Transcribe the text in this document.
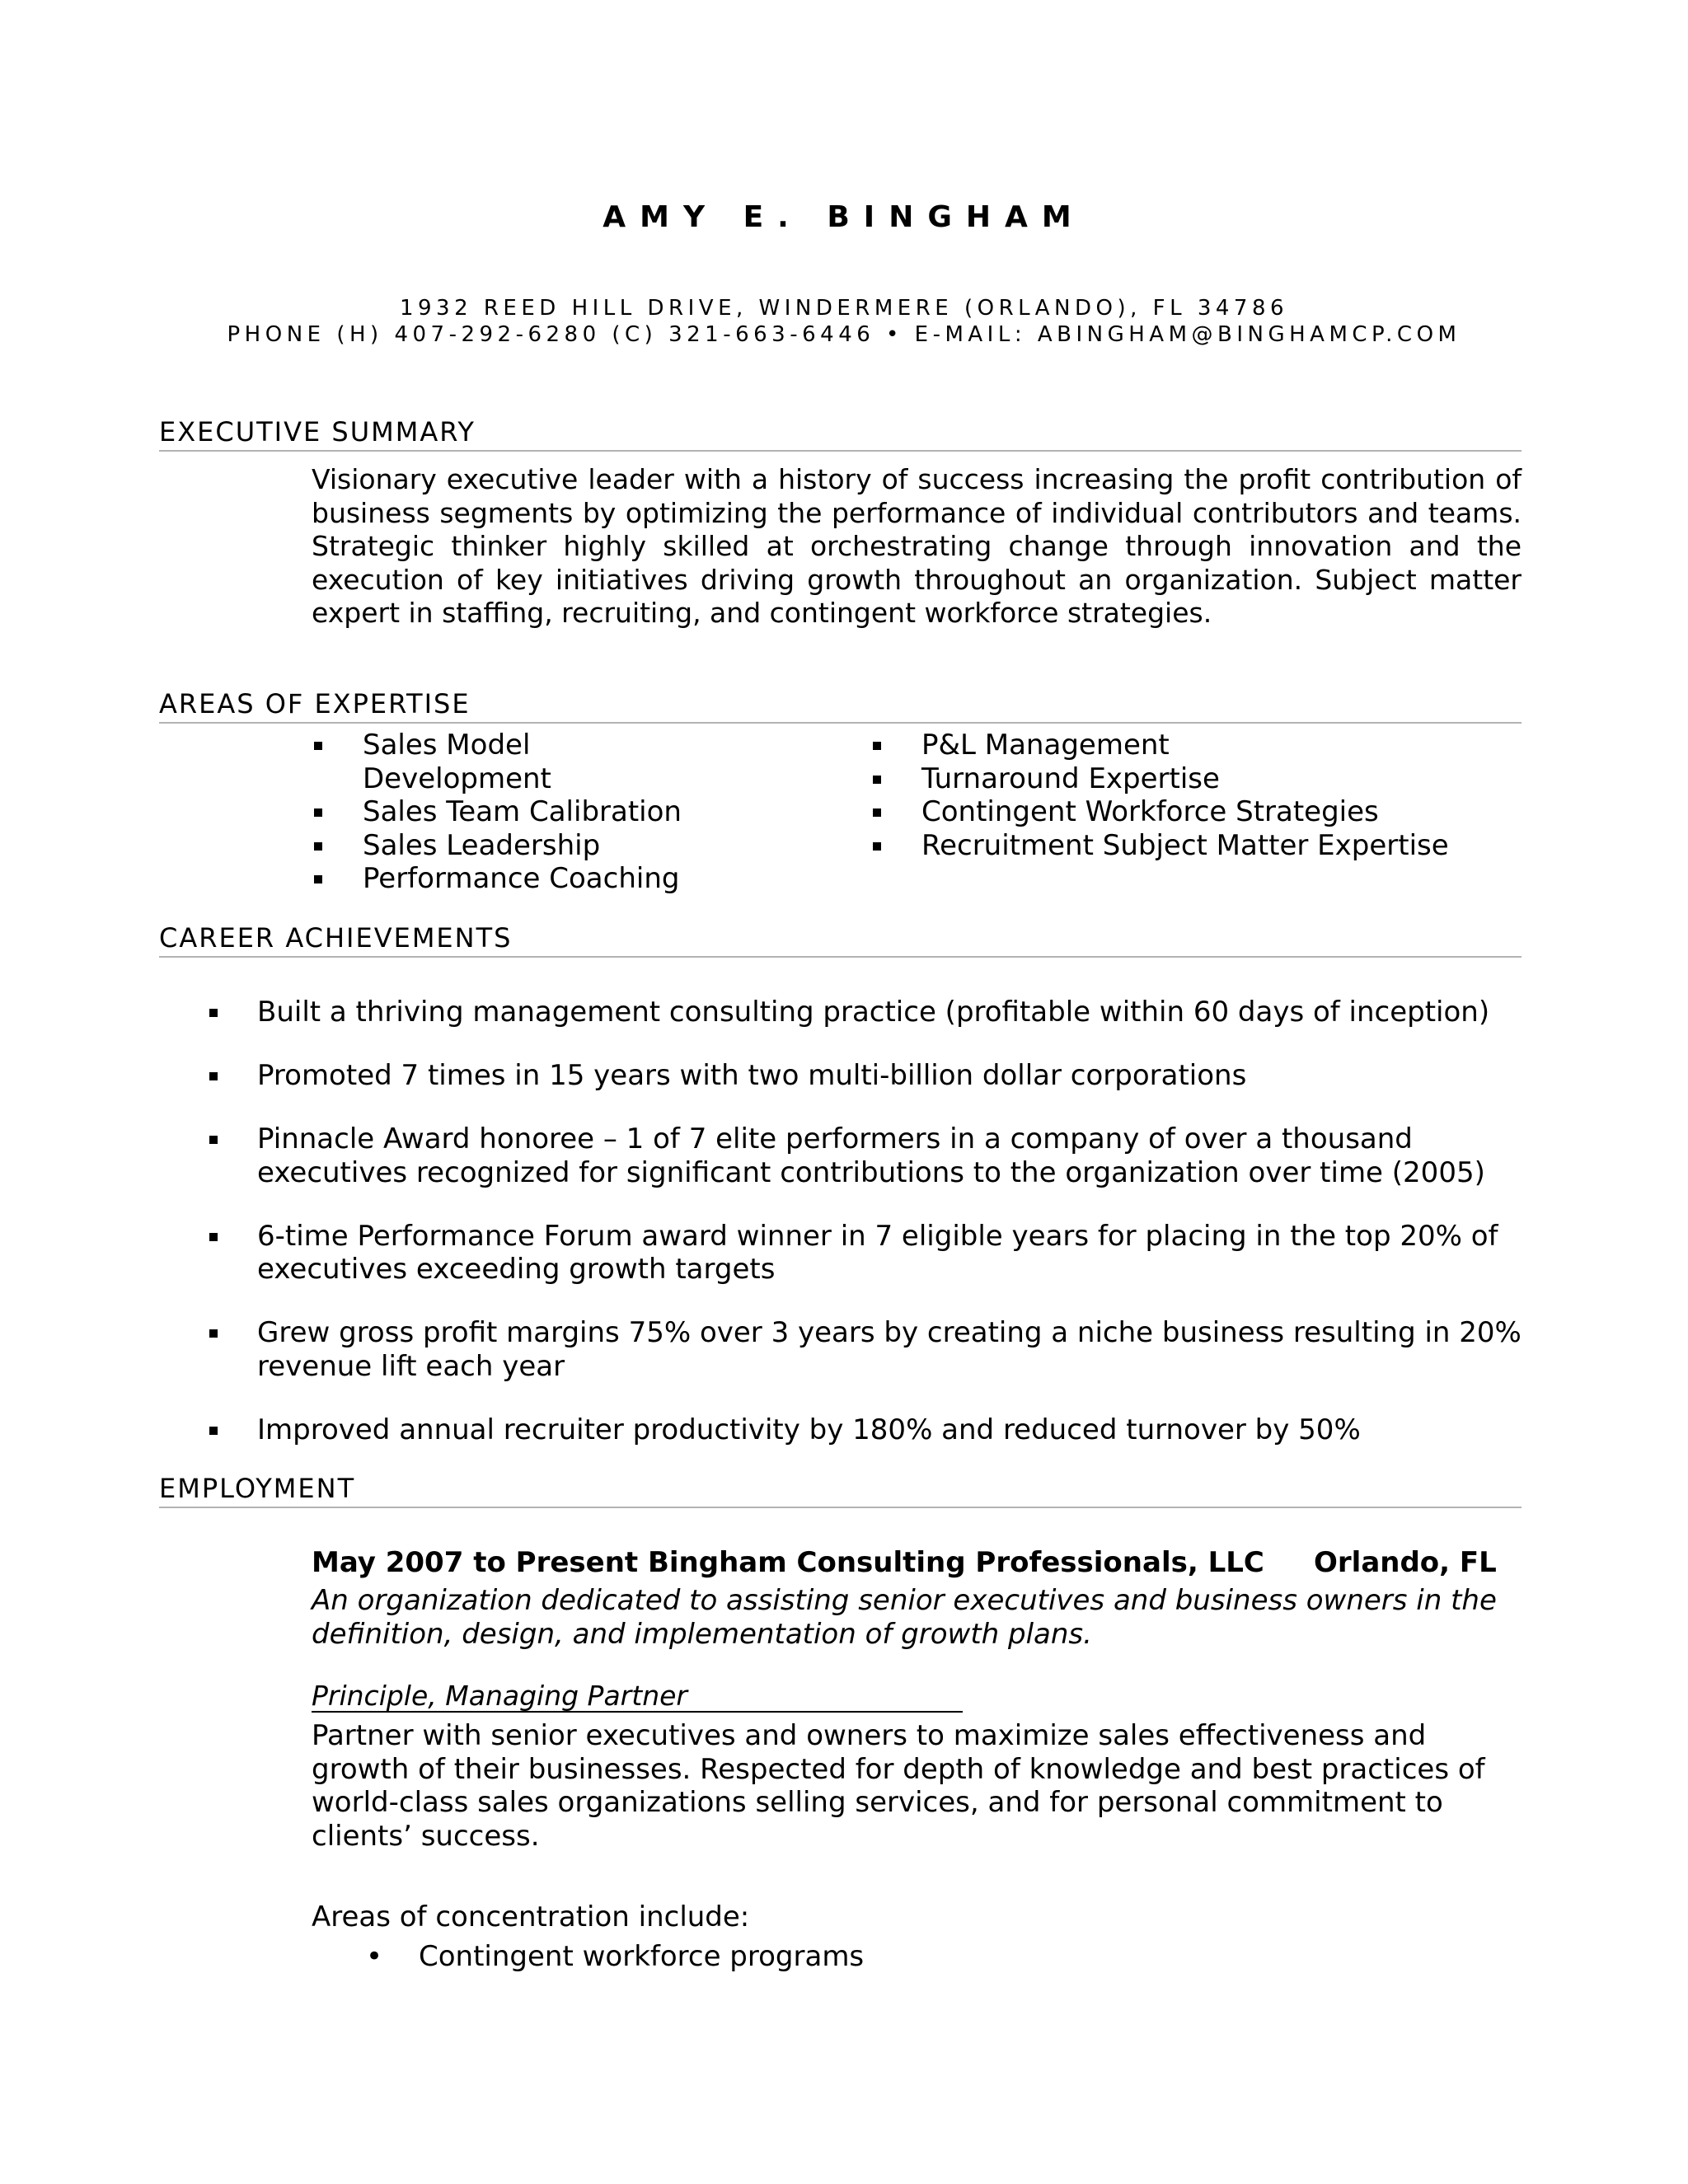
AMY E. BINGHAM
1932 REED HILL DRIVE, WINDERMERE (ORLANDO), FL 34786
PHONE (H) 407-292-6280 (C) 321-663-6446 • E-MAIL: ABINGHAM@BINGHAMCP.COM
EXECUTIVE SUMMARY

Visionary executive leader with a history of success increasing the profit contribution of business segments by optimizing the performance of individual contributors and teams. Strategic thinker highly skilled at orchestrating change through innovation and the execution of key initiatives driving growth throughout an organization. Subject matter expert in staffing, recruiting, and contingent workforce strategies.

AREAS OF EXPERTISE
Sales Model Development
Sales Team Calibration
Sales Leadership
Performance Coaching
P&L Management
Turnaround Expertise
Contingent Workforce Strategies
Recruitment Subject Matter Expertise
CAREER ACHIEVEMENTS
Built a thriving management consulting practice (profitable within 60 days of inception)
Promoted 7 times in 15 years with two multi-billion dollar corporations
Pinnacle Award honoree – 1 of 7 elite performers in a company of over a thousand executives recognized for significant contributions to the organization over time (2005)
6-time Performance Forum award winner in 7 eligible years for placing in the top 20% of executives exceeding growth targets
Grew gross profit margins 75% over 3 years by creating a niche business resulting in 20% revenue lift each year
Improved annual recruiter productivity by 180% and reduced turnover by 50%
EMPLOYMENT
May 2007 to Present Bingham Consulting Professionals, LLC Orlando, FL

An organization dedicated to assisting senior executives and business owners in the definition, design, and implementation of growth plans.

Principle, Managing Partner

Partner with senior executives and owners to maximize sales effectiveness and growth of their businesses. Respected for depth of knowledge and best practices of world-class sales organizations selling services, and for personal commitment to clients’ success.

Areas of concentration include:
• Contingent workforce programs
